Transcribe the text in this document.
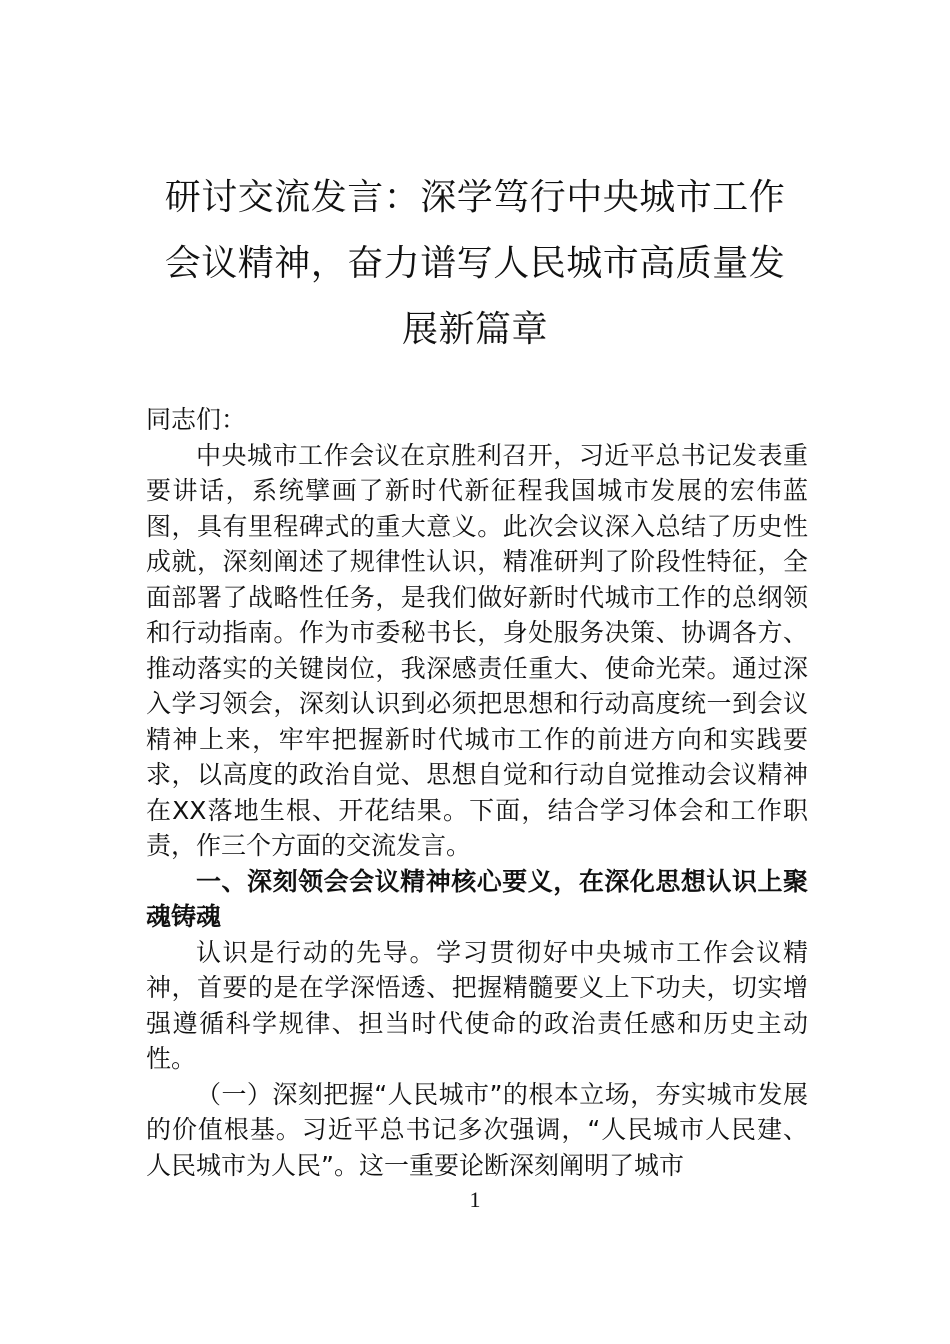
研讨交流发言：深学笃行中央城市工作会议精神，奋力谱写人民城市高质量发展新篇章

同志们：

中央城市工作会议在京胜利召开，习近平总书记发表重要讲话，系统擘画了新时代新征程我国城市发展的宏伟蓝图，具有里程碑式的重大意义。此次会议深入总结了历史性成就，深刻阐述了规律性认识，精准研判了阶段性特征，全面部署了战略性任务，是我们做好新时代城市工作的总纲领和行动指南。作为市委秘书长，身处服务决策、协调各方、推动落实的关键岗位，我深感责任重大、使命光荣。通过深入学习领会，深刻认识到必须把思想和行动高度统一到会议精神上来，牢牢把握新时代城市工作的前进方向和实践要求，以高度的政治自觉、思想自觉和行动自觉推动会议精神在XX落地生根、开花结果。下面，结合学习体会和工作职责，作三个方面的交流发言。

一、深刻领会会议精神核心要义，在深化思想认识上聚魂铸魂

认识是行动的先导。学习贯彻好中央城市工作会议精神，首要的是在学深悟透、把握精髓要义上下功夫，切实增强遵循科学规律、担当时代使命的政治责任感和历史主动性。

（一）深刻把握“人民城市”的根本立场，夯实城市发展的价值根基。习近平总书记多次强调，“人民城市人民建、人民城市为人民”。这一重要论断深刻阐明了城市

1
